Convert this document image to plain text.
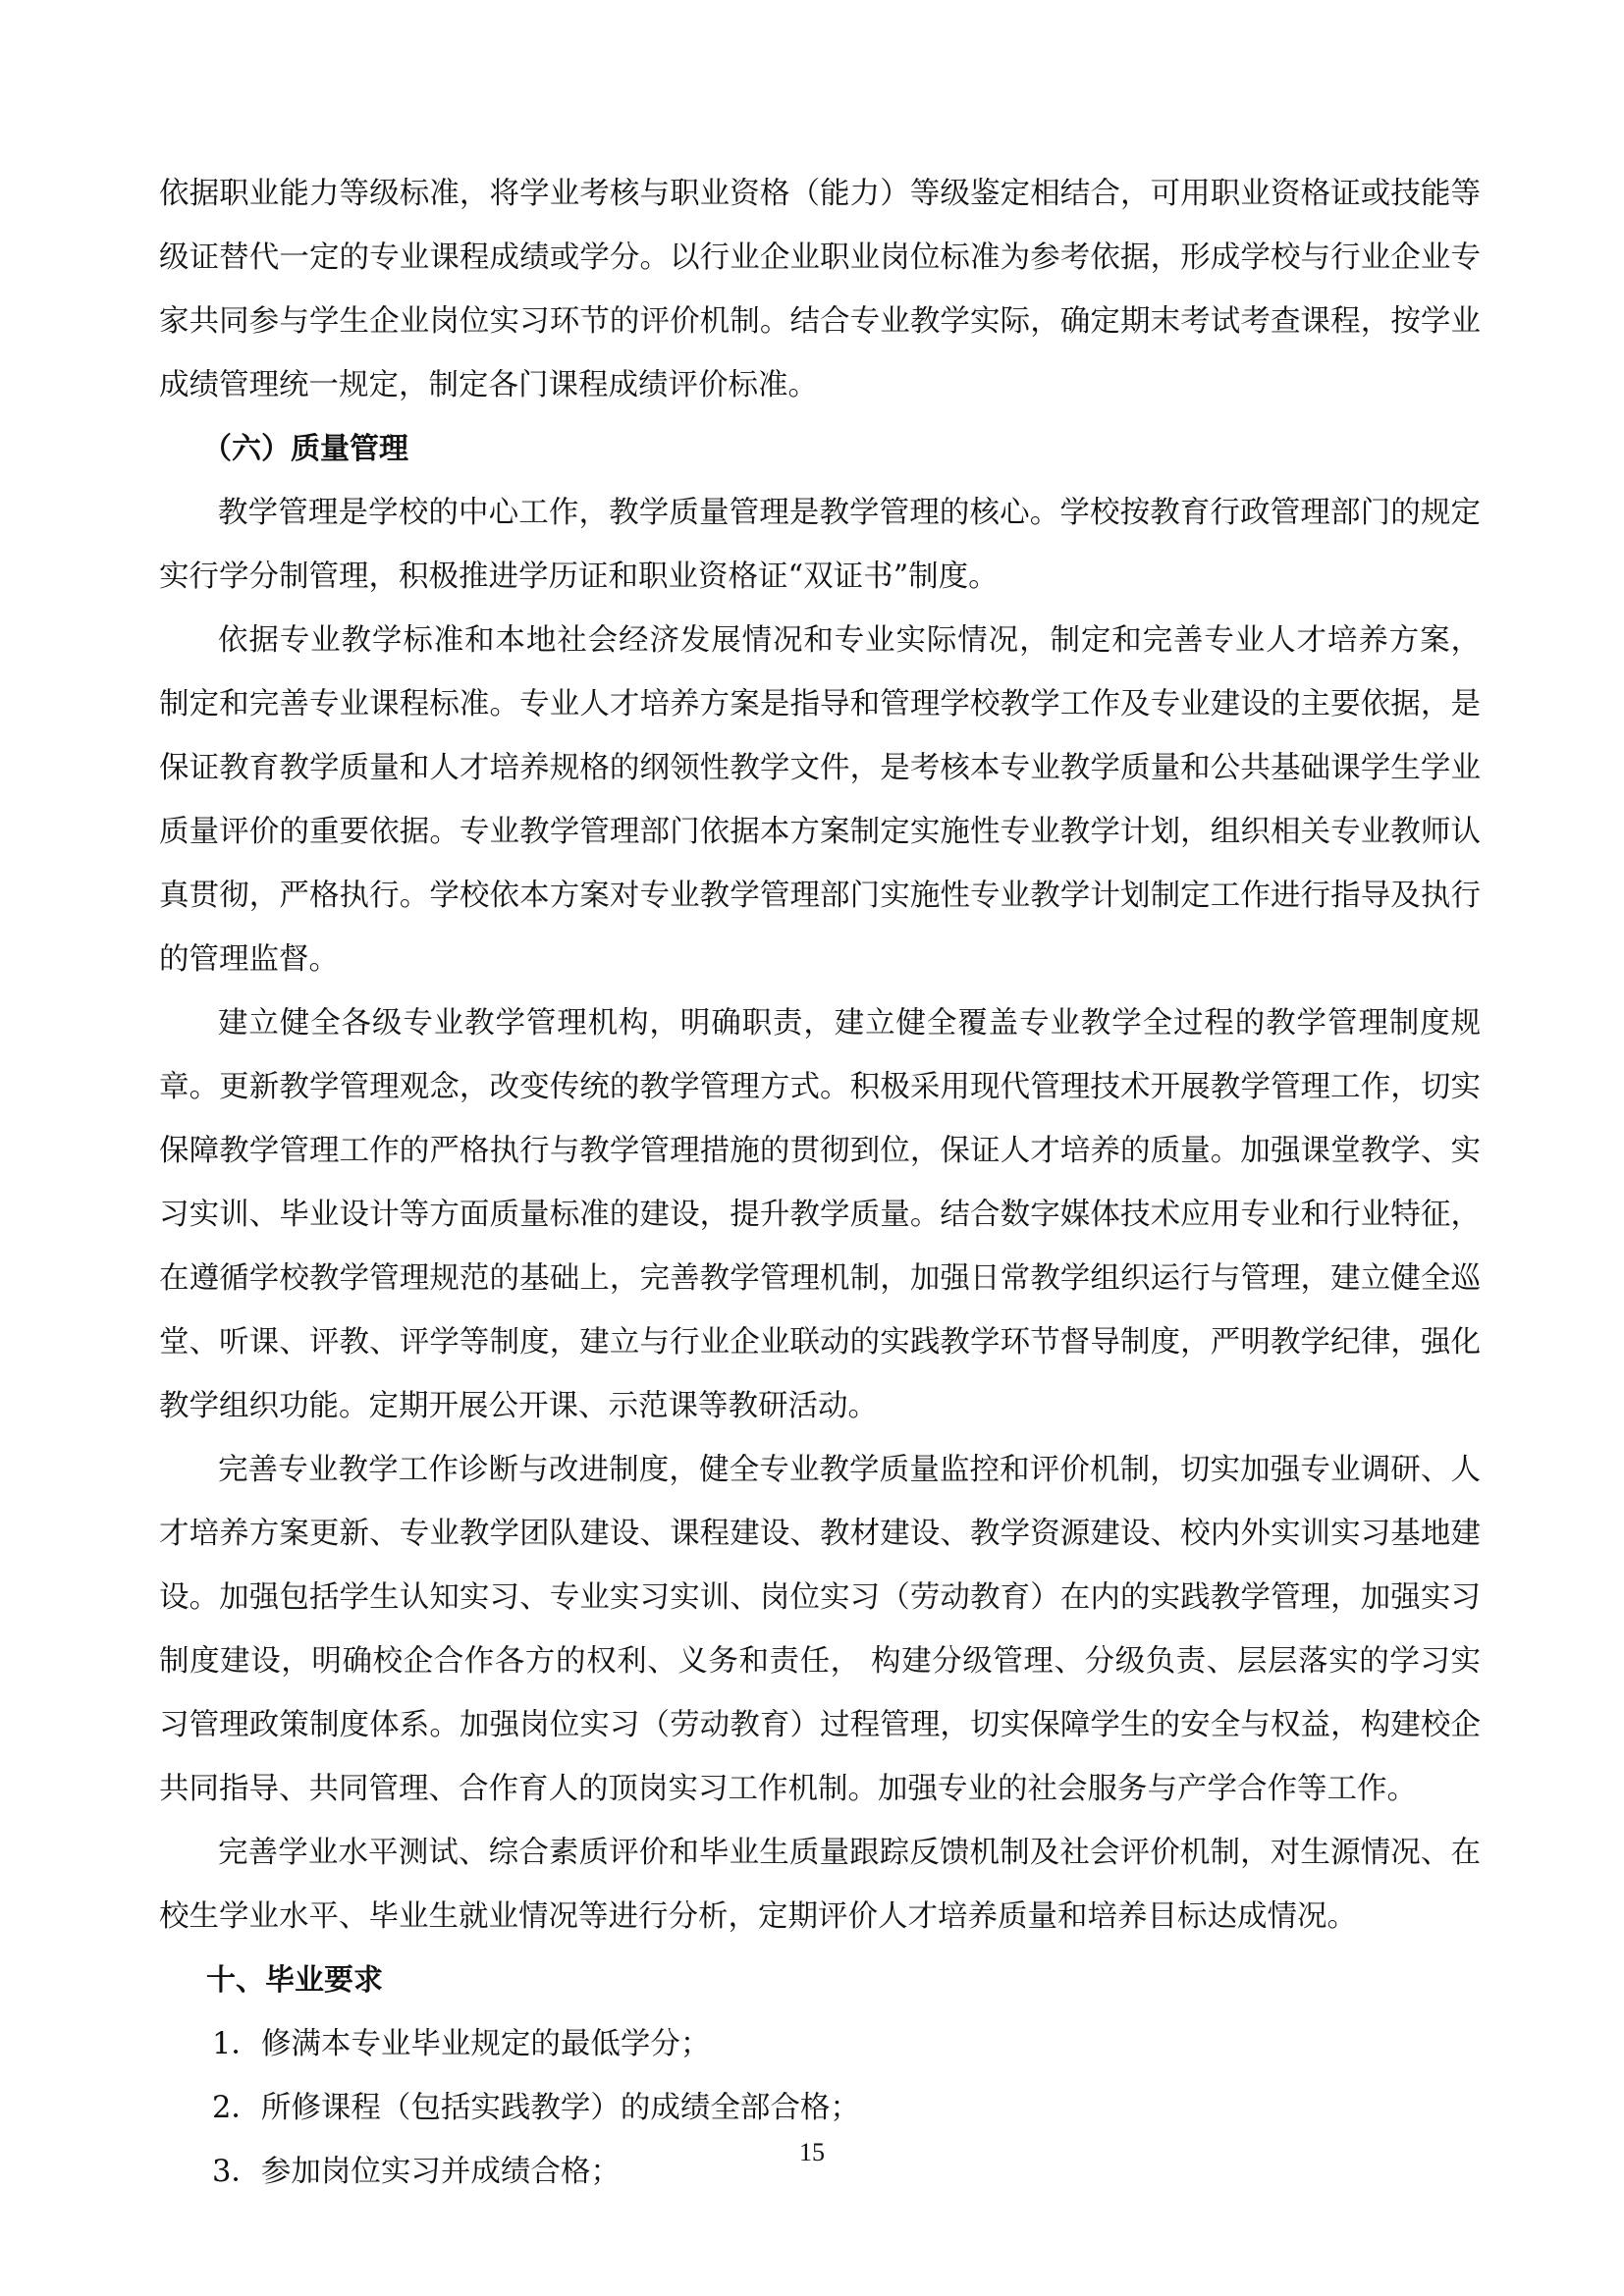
依据职业能力等级标准，将学业考核与职业资格（能力）等级鉴定相结合，可用职业资格证或技能等级证替代一定的专业课程成绩或学分。以行业企业职业岗位标准为参考依据，形成学校与行业企业专家共同参与学生企业岗位实习环节的评价机制。结合专业教学实际，确定期末考试考查课程，按学业成绩管理统一规定，制定各门课程成绩评价标准。

（六）质量管理

教学管理是学校的中心工作，教学质量管理是教学管理的核心。学校按教育行政管理部门的规定实行学分制管理，积极推进学历证和职业资格证“双证书”制度。

依据专业教学标准和本地社会经济发展情况和专业实际情况，制定和完善专业人才培养方案， 制定和完善专业课程标准。专业人才培养方案是指导和管理学校教学工作及专业建设的主要依据，是保证教育教学质量和人才培养规格的纲领性教学文件，是考核本专业教学质量和公共基础课学生学业质量评价的重要依据。专业教学管理部门依据本方案制定实施性专业教学计划，组织相关专业教师认真贯彻，严格执行。学校依本方案对专业教学管理部门实施性专业教学计划制定工作进行指导及执行的管理监督。

建立健全各级专业教学管理机构，明确职责，建立健全覆盖专业教学全过程的教学管理制度规章。更新教学管理观念，改变传统的教学管理方式。积极采用现代管理技术开展教学管理工作，切实保障教学管理工作的严格执行与教学管理措施的贯彻到位，保证人才培养的质量。加强课堂教学、实习实训、毕业设计等方面质量标准的建设，提升教学质量。结合数字媒体技术应用专业和行业特征，在遵循学校教学管理规范的基础上，完善教学管理机制，加强日常教学组织运行与管理，建立健全巡堂、听课、评教、评学等制度，建立与行业企业联动的实践教学环节督导制度，严明教学纪律，强化教学组织功能。定期开展公开课、示范课等教研活动。

完善专业教学工作诊断与改进制度，健全专业教学质量监控和评价机制，切实加强专业调研、人才培养方案更新、专业教学团队建设、课程建设、教材建设、教学资源建设、校内外实训实习基地建设。加强包括学生认知实习、专业实习实训、岗位实习（劳动教育）在内的实践教学管理，加强实习制度建设，明确校企合作各方的权利、义务和责任， 构建分级管理、分级负责、层层落实的学习实习管理政策制度体系。加强岗位实习（劳动教育）过程管理，切实保障学生的安全与权益，构建校企共同指导、共同管理、合作育人的顶岗实习工作机制。加强专业的社会服务与产学合作等工作。

完善学业水平测试、综合素质评价和毕业生质量跟踪反馈机制及社会评价机制，对生源情况、在校生学业水平、毕业生就业情况等进行分析，定期评价人才培养质量和培养目标达成情况。

十、毕业要求

1．修满本专业毕业规定的最低学分；

2．所修课程（包括实践教学）的成绩全部合格；

3．参加岗位实习并成绩合格；

15
